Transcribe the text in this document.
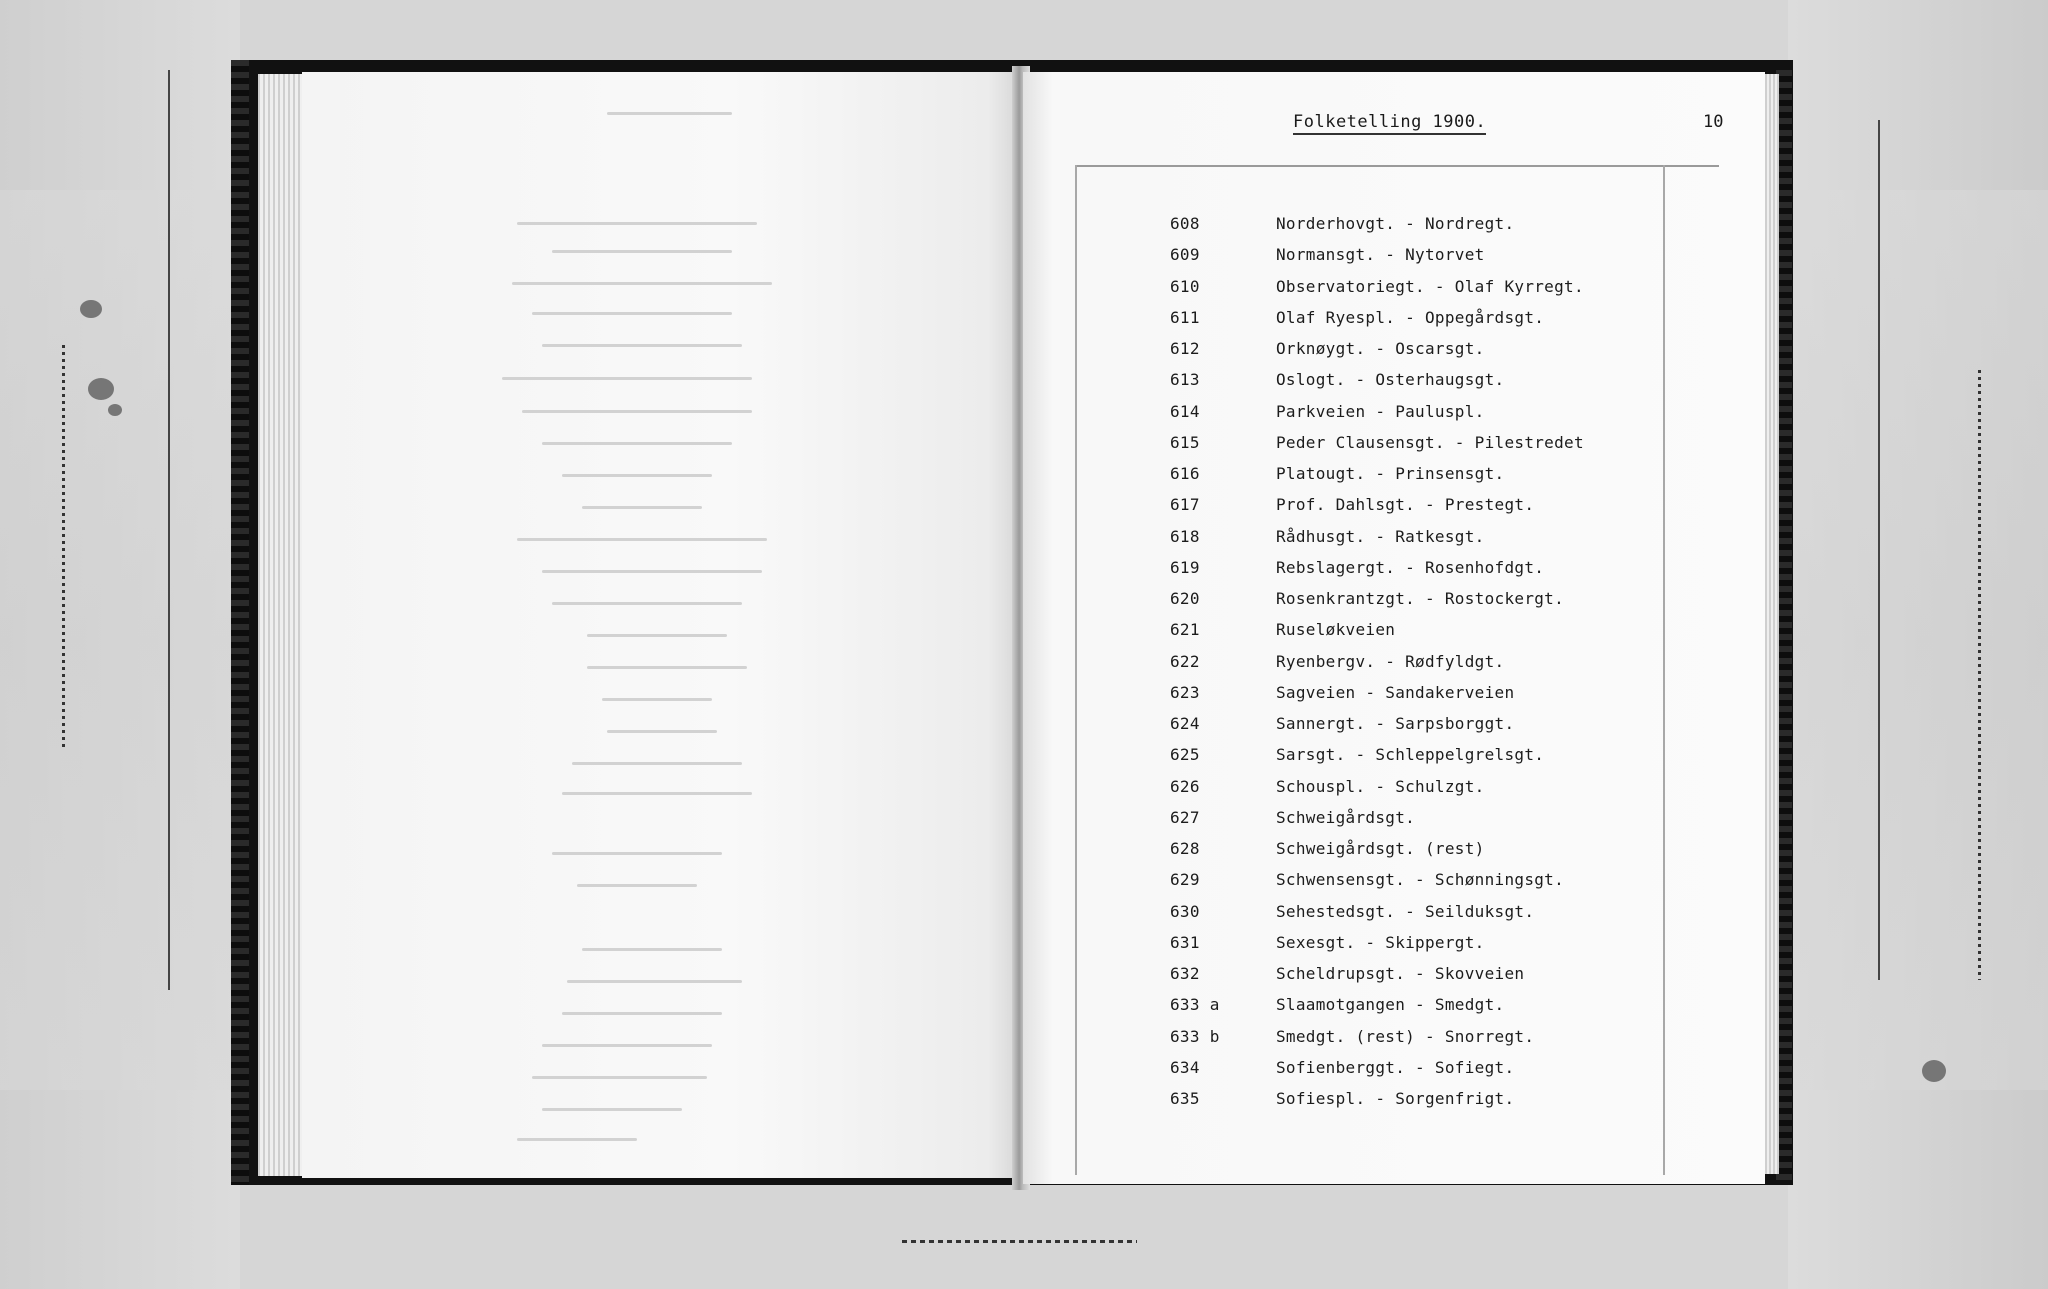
Folketelling 1900.	10
608	Norderhovgt. - Nordregt.
609	Normansgt. - Nytorvet
610	Observatoriegt. - Olaf Kyrregt.
611	Olaf Ryespl. - Oppegårdsgt.
612	Orknøygt. - Oscarsgt.
613	Oslogt. - Osterhaugsgt.
614	Parkveien - Pauluspl.
615	Peder Clausensgt. - Pilestredet
616	Platougt. - Prinsensgt.
617	Prof. Dahlsgt. - Prestegt.
618	Rådhusgt. - Ratkesgt.
619	Rebslagergt. - Rosenhofdgt.
620	Rosenkrantzgt. - Rostockergt.
621	Ruseløkveien
622	Ryenbergv. - Rødfyldgt.
623	Sagveien - Sandakerveien
624	Sannergt. - Sarpsborggt.
625	Sarsgt. - Schleppelgrelsgt.
626	Schouspl. - Schulzgt.
627	Schweigårdsgt.
628	Schweigårdsgt. (rest)
629	Schwensensgt. - Schønningsgt.
630	Sehestedsgt. - Seilduksgt.
631	Sexesgt. - Skippergt.
632	Scheldrupsgt. - Skovveien
633 a	Slaamotgangen - Smedgt.
633 b	Smedgt. (rest) - Snorregt.
634	Sofienberggt. - Sofiegt.
635	Sofiespl. - Sorgenfrigt.
